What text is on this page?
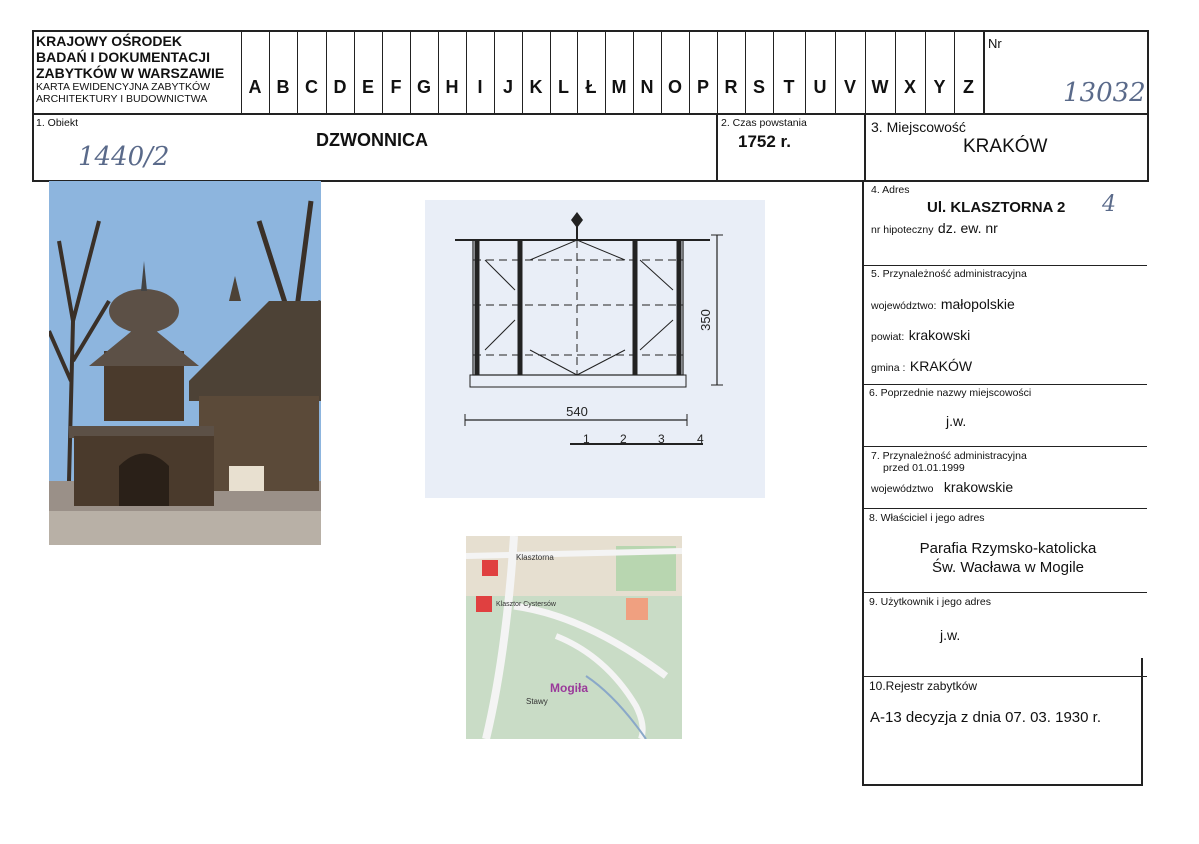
KRAJOWY OŚRODEK
BADAŃ I DOKUMENTACJI
ZABYTKÓW W WARSZAWIE
KARTA EWIDENCYJNA ZABYTKÓW
ARCHITEKTURY I BUDOWNICTWA
A B C D E F G H	I	J K L Ł M N O P R S	T	U V W X Y Z
Nr
13032
1. Obiekt
1440/2
DZWONNICA
2. Czas powstania
1752 r.
3. Miejscowość
KRAKÓW
4. Adres
Ul. KLASZTORNA 2 4
nr hipoteczny dz. ew. nr
5. Przynależność administracyjna
województwo: małopolskie
powiat: krakowski
gmina : KRAKÓW
6. Poprzednie nazwy miejscowości
j.w.
7. Przynależność administracyjna
przed 01.01.1999
województwo krakowskie
8. Właściciel i jego adres
Parafia Rzymsko-katolicka
Św. Wacława w Mogile
9. Użytkownik i jego adres
j.w.
10.Rejestr zabytków
A-13 decyzja z dnia 07. 03. 1930 r.
350
540
1	2	3	4
Mogiła
Klasztorna
Klasztor Cystersów
Stawy
